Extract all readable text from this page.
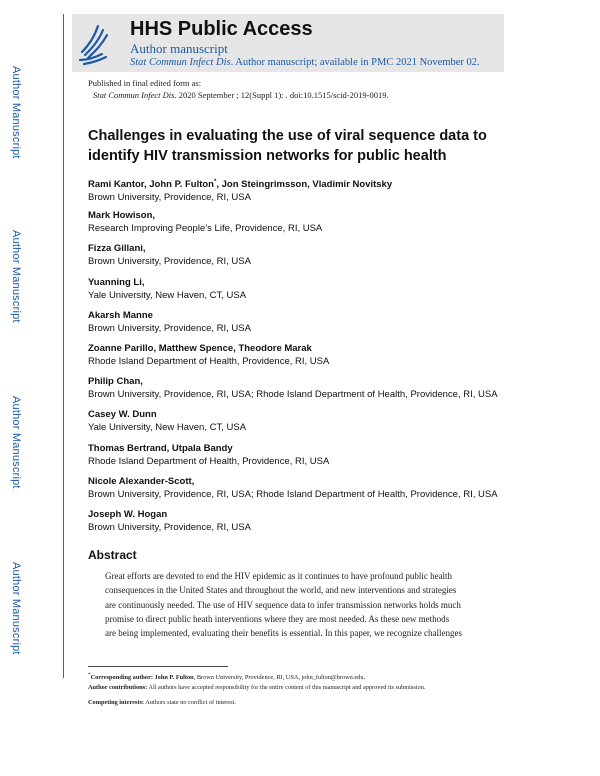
Author Manuscript
Author Manuscript
Author Manuscript
Author Manuscript
HHS Public Access
Author manuscript
Stat Commun Infect Dis. Author manuscript; available in PMC 2021 November 02.
Published in final edited form as:
Stat Commun Infect Dis. 2020 September ; 12(Suppl 1): . doi:10.1515/scid-2019-0019.
Challenges in evaluating the use of viral sequence data to
identify HIV transmission networks for public health
Rami Kantor, John P. Fulton*, Jon Steingrimsson, Vladimir Novitsky
Brown University, Providence, RI, USA
Mark Howison,
Research Improving People’s Life, Providence, RI, USA
Fizza Gillani,
Brown University, Providence, RI, USA
Yuanning Li,
Yale University, New Haven, CT, USA
Akarsh Manne
Brown University, Providence, RI, USA
Zoanne Parillo, Matthew Spence, Theodore Marak
Rhode Island Department of Health, Providence, RI, USA
Philip Chan,
Brown University, Providence, RI, USA; Rhode Island Department of Health, Providence, RI, USA
Casey W. Dunn
Yale University, New Haven, CT, USA
Thomas Bertrand, Utpala Bandy
Rhode Island Department of Health, Providence, RI, USA
Nicole Alexander-Scott,
Brown University, Providence, RI, USA; Rhode Island Department of Health, Providence, RI, USA
Joseph W. Hogan
Brown University, Providence, RI, USA
Abstract
Great efforts are devoted to end the HIV epidemic as it continues to have profound public health
consequences in the United States and throughout the world, and new interventions and strategies
are continuously needed. The use of HIV sequence data to infer transmission networks holds much
promise to direct public heath interventions where they are most needed. As these new methods
are being implemented, evaluating their benefits is essential. In this paper, we recognize challenges
*Corresponding author: John P. Fulton, Brown University, Providence, RI, USA, john_fulton@brown.edu.
Author contributions: All authors have accepted responsibility for the entire content of this manuscript and approved its submission.
Competing interests: Authors state no conflict of interest.
